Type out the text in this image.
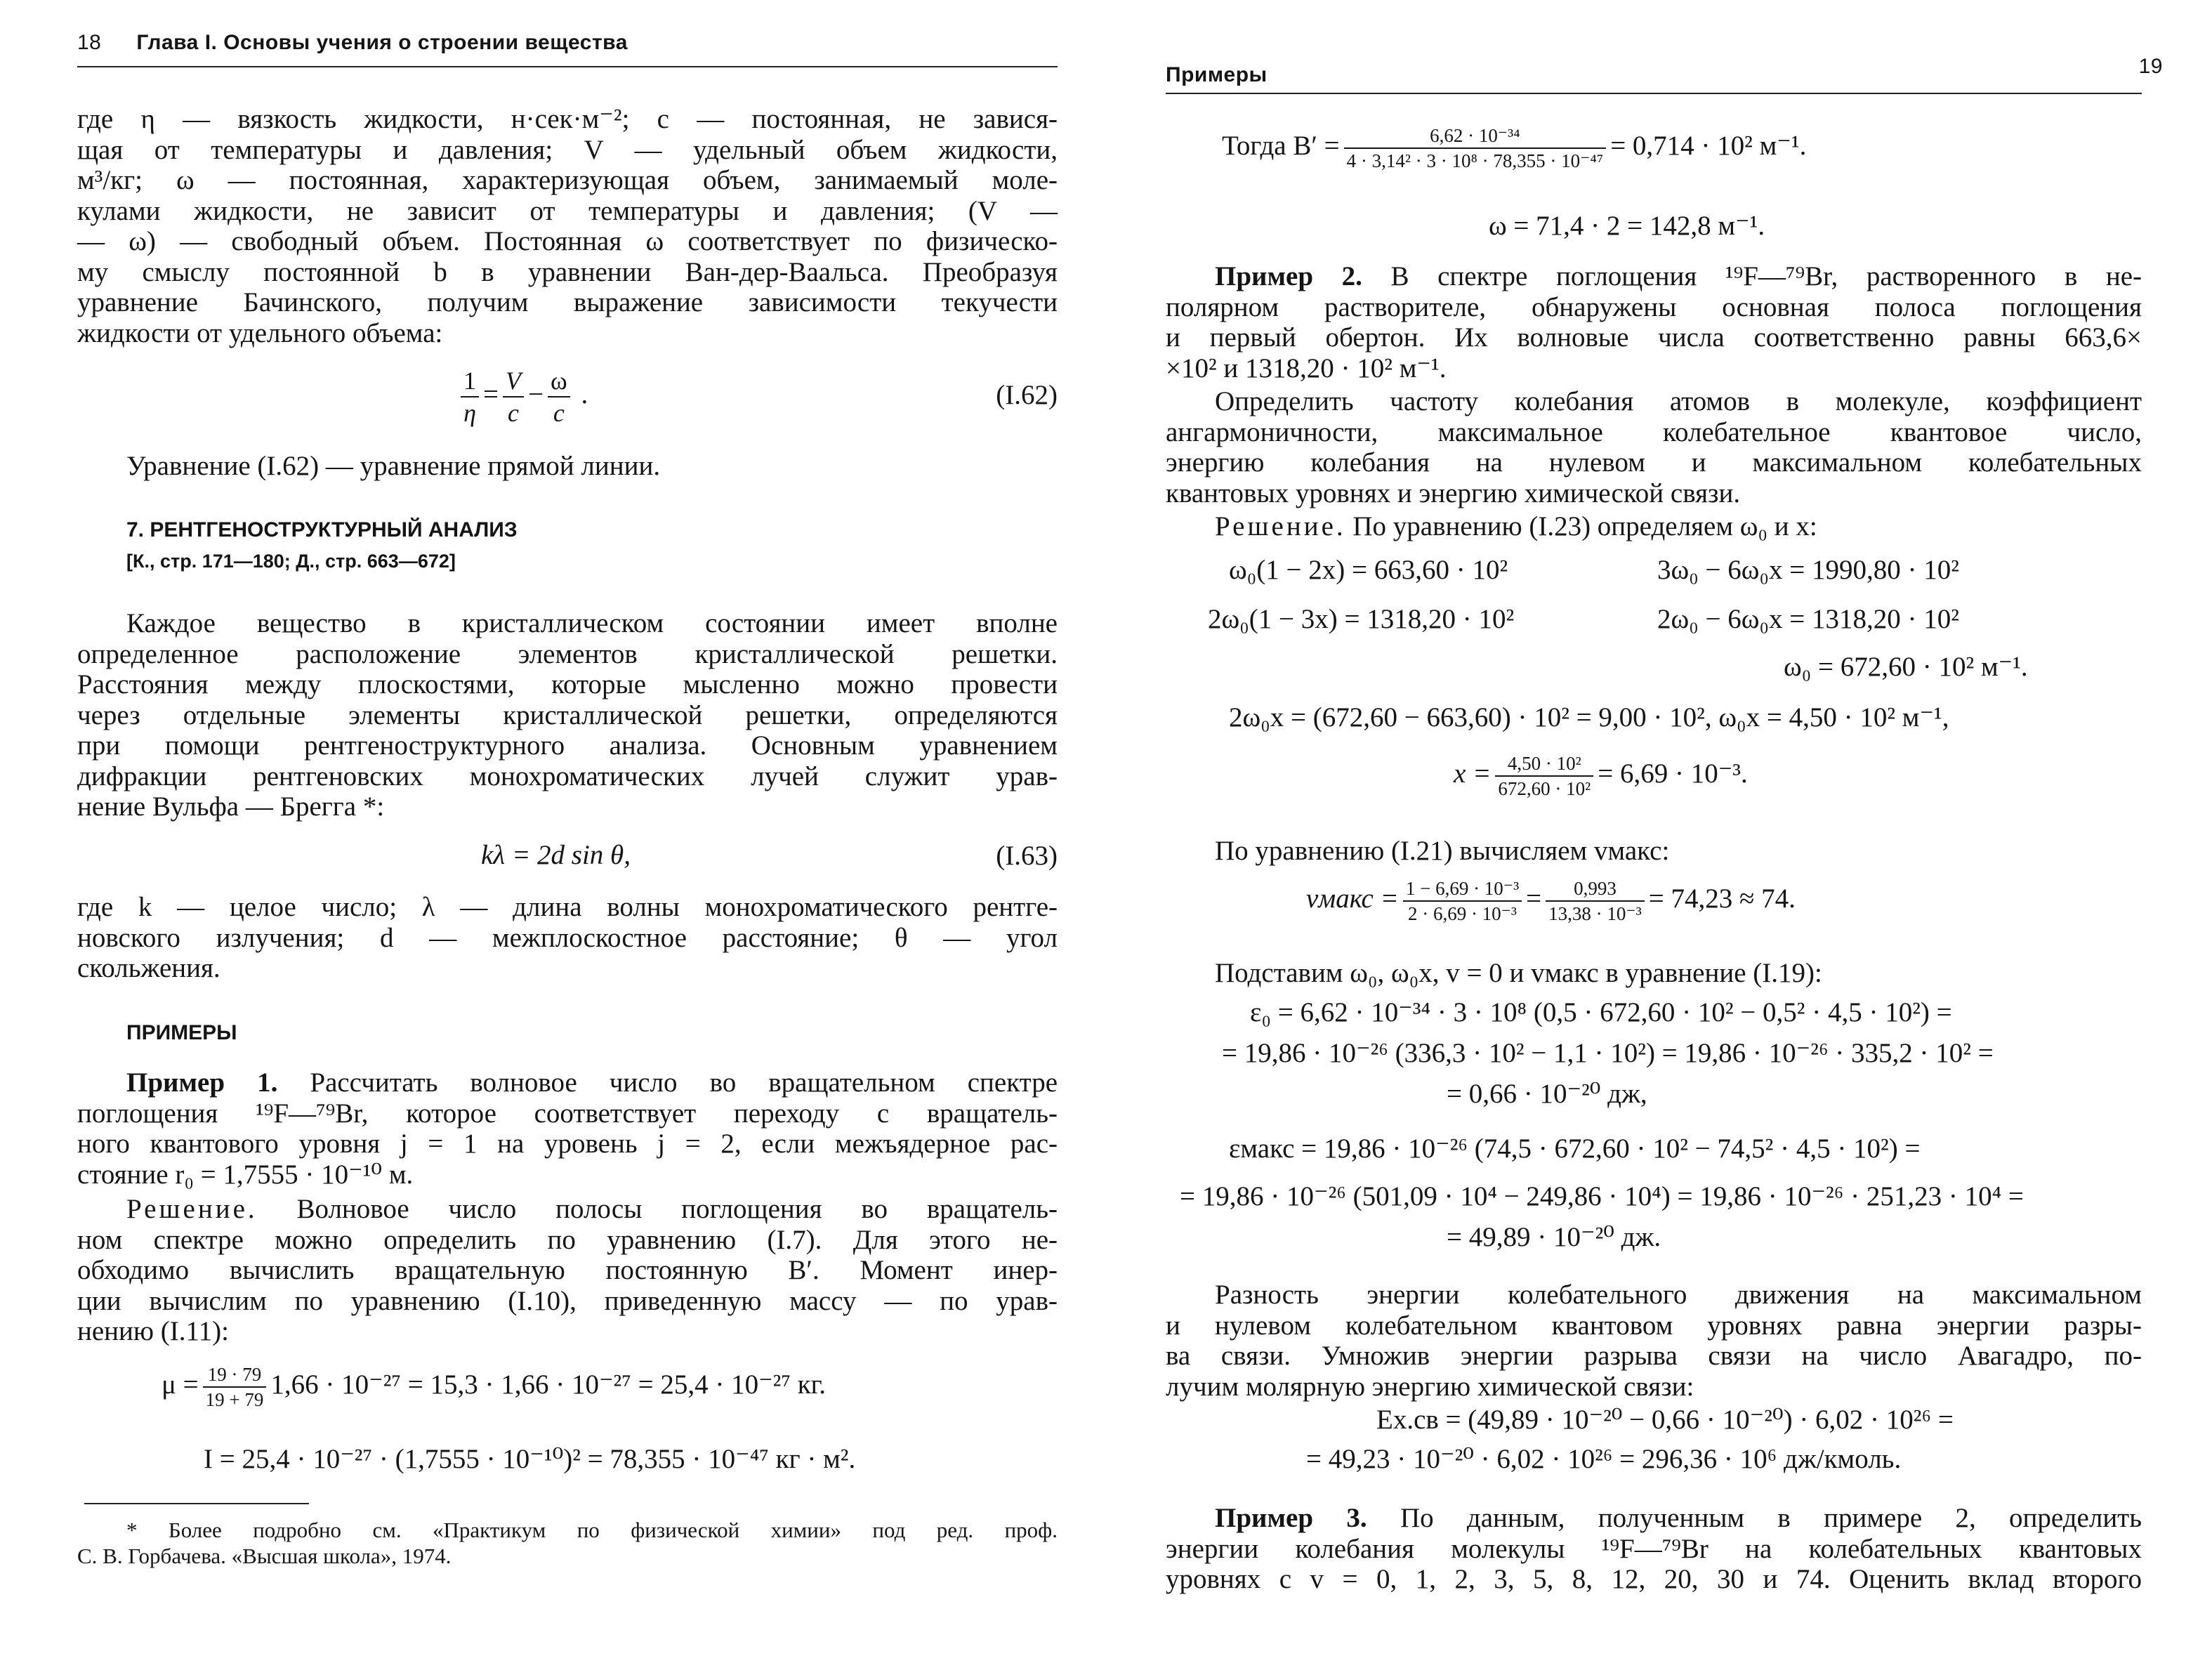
18 Глава I. Основы учения о строении вещества
где η — вязкость жидкости, н·сек·м⁻²; c — постоянная, не завися-
щая от температуры и давления; V — удельный объем жидкости,
м³/кг; ω — постоянная, характеризующая объем, занимаемый моле-
кулами жидкости, не зависит от температуры и давления; (V —
— ω) — свободный объем. Постоянная ω соответствует по физическо-
му смыслу постоянной b в уравнении Ван-дер-Ваальса. Преобразуя
уравнение Бачинского, получим выражение зависимости текучести
жидкости от удельного объема:
$\frac{1}{\eta} = \frac{V}{c} - \frac{\omega}{c}$ .	(I.62)
Уравнение (I.62) — уравнение прямой линии.
7. РЕНТГЕНОСТРУКТУРНЫЙ АНАЛИЗ
[К., стр. 171—180; Д., стр. 663—672]
Каждое вещество в кристаллическом состоянии имеет вполне
определенное расположение элементов кристаллической решетки.
Расстояния между плоскостями, которые мысленно можно провести
через отдельные элементы кристаллической решетки, определяются
при помощи рентгеноструктурного анализа. Основным уравнением
дифракции рентгеновских монохроматических лучей служит урав-
нение Вульфа — Брегга *:
kλ = 2d sin θ,	(I.63)
где k — целое число; λ — длина волны монохроматического рентге-
новского излучения; d — межплоскостное расстояние; θ — угол
скольжения.
ПРИМЕРЫ
Пример 1. Рассчитать волновое число во вращательном спектре
поглощения ¹⁹F—⁷⁹Br, которое соответствует переходу с вращатель-
ного квантового уровня j = 1 на уровень j = 2, если межъядерное рас-
стояние r₀ = 1,7555 · 10⁻¹⁰ м.
Решение. Волновое число полосы поглощения во вращатель-
ном спектре можно определить по уравнению (I.7). Для этого не-
обходимо вычислить вращательную постоянную B′. Момент инер-
ции вычислим по уравнению (I.10), приведенную массу — по урав-
нению (I.11):
$\mu = \frac{19 \cdot 79}{19 + 79} 1,66 \cdot 10^{-27} = 15,3 \cdot 1,66 \cdot 10^{-27} = 25,4 \cdot 10^{-27}$ кг.
I = 25,4 · 10⁻²⁷ · (1,7555 · 10⁻¹⁰)² = 78,355 · 10⁻⁴⁷ кг · м².
* Более подробно см. «Практикум по физической химии» под ред. проф.
С. В. Горбачева. «Высшая школа», 1974.
Примеры	19
Тогда $B' = \frac{\text{6,62 · 10⁻³⁴}}{\text{4 · 3,14² · 3 · 10⁸ · 78,355 · 10⁻⁴⁷}} = 0,714 \cdot 10^2$ м⁻¹.
ω = 71,4 · 2 = 142,8 м⁻¹.
Пример 2. В спектре поглощения ¹⁹F—⁷⁹Br, растворенного в не-
полярном растворителе, обнаружены основная полоса поглощения
и первый обертон. Их волновые числа соответственно равны 663,6×
×10² и 1318,20 · 10² м⁻¹.
Определить частоту колебания атомов в молекуле, коэффициент
ангармоничности, максимальное колебательное квантовое число,
энергию колебания на нулевом и максимальном колебательных
квантовых уровнях и энергию химической связи.
Решение. По уравнению (I.23) определяем ω₀ и x:
ω₀(1 − 2x) = 663,60 · 10²	3ω₀ − 6ω₀x = 1990,80 · 10²
2ω₀(1 − 3x) = 1318,20 · 10²	2ω₀ − 6ω₀x = 1318,20 · 10²
ω₀ = 672,60 · 10² м⁻¹.
2ω₀x = (672,60 − 663,60) · 10² = 9,00 · 10², ω₀x = 4,50 · 10² м⁻¹,
$x = \frac{\text{4,50 · 10²}}{\text{672,60 · 10²}} = 6,69 \cdot 10^{-3}$.
По уравнению (I.21) вычисляем vмакс:
vмакс = $\frac{\text{1 − 6,69 · 10⁻³}}{\text{2 · 6,69 · 10⁻³}} = \frac{0,993}{\text{13,38 · 10⁻³}} = 74,23 \approx 74$.
Подставим ω₀, ω₀x, v = 0 и vмакс в уравнение (I.19):
ε₀ = 6,62 · 10⁻³⁴ · 3 · 10⁸ (0,5 · 672,60 · 10² − 0,5² · 4,5 · 10²) =
= 19,86 · 10⁻²⁶ (336,3 · 10² − 1,1 · 10²) = 19,86 · 10⁻²⁶ · 335,2 · 10² =
= 0,66 · 10⁻²⁰ дж,
εмакс = 19,86 · 10⁻²⁶ (74,5 · 672,60 · 10² − 74,5² · 4,5 · 10²) =
= 19,86 · 10⁻²⁶ (501,09 · 10⁴ − 249,86 · 10⁴) = 19,86 · 10⁻²⁶ · 251,23 · 10⁴ =
= 49,89 · 10⁻²⁰ дж.
Разность энергии колебательного движения на максимальном
и нулевом колебательном квантовом уровнях равна энергии разры-
ва связи. Умножив энергии разрыва связи на число Авагадро, по-
лучим молярную энергию химической связи:
Eх.св = (49,89 · 10⁻²⁰ − 0,66 · 10⁻²⁰) · 6,02 · 10²⁶ =
= 49,23 · 10⁻²⁰ · 6,02 · 10²⁶ = 296,36 · 10⁶ дж/кмоль.
Пример 3. По данным, полученным в примере 2, определить
энергии колебания молекулы ¹⁹F—⁷⁹Br на колебательных квантовых
уровнях с v = 0, 1, 2, 3, 5, 8, 12, 20, 30 и 74. Оценить вклад второго
